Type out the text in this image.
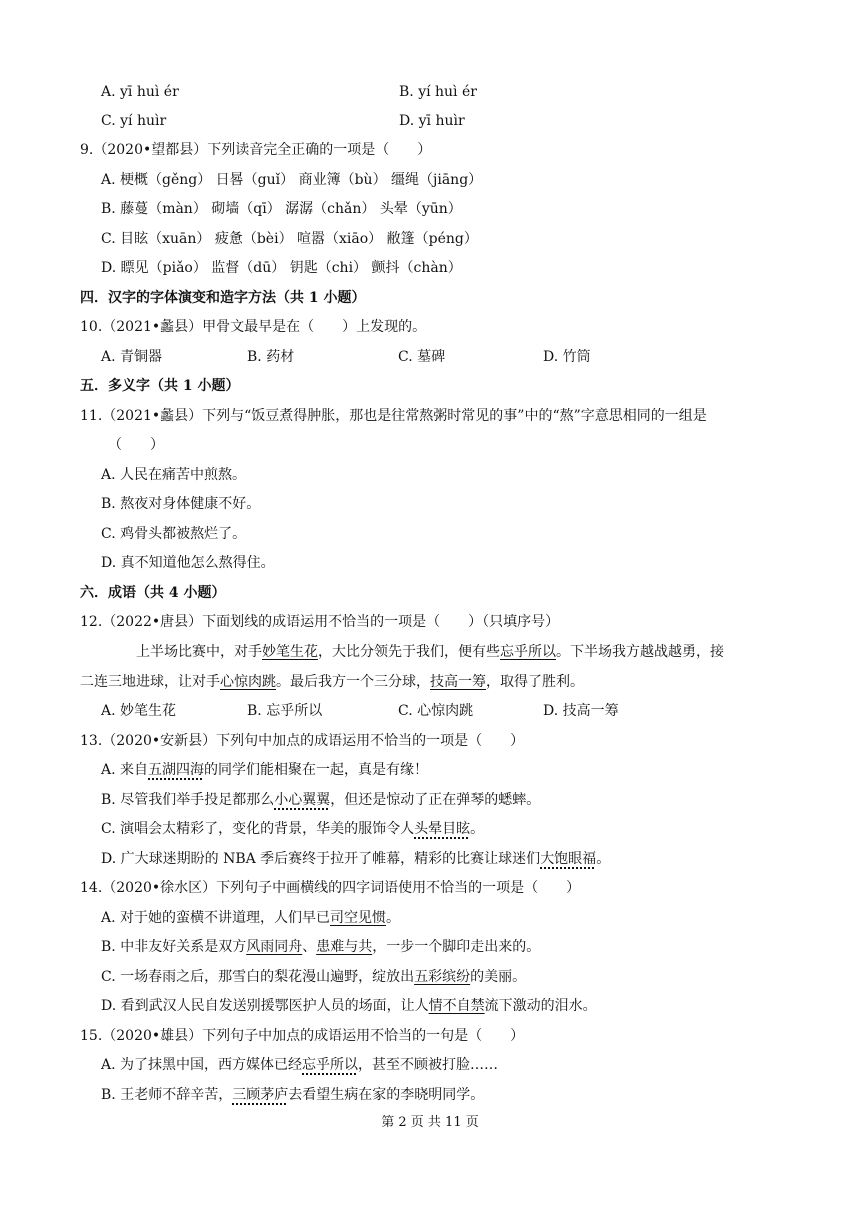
A. yī huì ér	B. yí huì ér
C. yí huìr	D. yī huìr
9.（2020•望都县）下列读音完全正确的一项是（　　）
A. 梗概（gěng） 日晷（guǐ） 商业簿（bù） 缰绳（jiāng）
B. 藤蔓（màn） 砌墙（qī） 潺潺（chǎn） 头晕（yūn）
C. 目眩（xuān） 疲惫（bèi） 喧嚣（xiāo） 敝篷（péng）
D. 瞟见（piǎo） 监督（dū） 钥匙（chi） 颤抖（chàn）
四．汉字的字体演变和造字方法（共 1 小题）
10.（2021•蠡县）甲骨文最早是在（　　）上发现的。
A. 青铜器	B. 药材	C. 墓碑	D. 竹筒
五．多义字（共 1 小题）
11.（2021•蠡县）下列与“饭豆煮得肿胀，那也是往常熬粥时常见的事”中的“熬”字意思相同的一组是
（　　）
A. 人民在痛苦中煎熬。
B. 熬夜对身体健康不好。
C. 鸡骨头都被熬烂了。
D. 真不知道他怎么熬得住。
六．成语（共 4 小题）
12.（2022•唐县）下面划线的成语运用不恰当的一项是（　　）（只填序号）
上半场比赛中，对手妙笔生花，大比分领先于我们，便有些忘乎所以。下半场我方越战越勇，接
二连三地进球，让对手心惊肉跳。最后我方一个三分球，技高一筹，取得了胜利。
A. 妙笔生花	B. 忘乎所以	C. 心惊肉跳	D. 技高一筹
13.（2020•安新县）下列句中加点的成语运用不恰当的一项是（　　）
A. 来自五湖四海的同学们能相聚在一起，真是有缘！
B. 尽管我们举手投足都那么小心翼翼，但还是惊动了正在弹琴的蟋蟀。
C. 演唱会太精彩了，变化的背景，华美的服饰令人头晕目眩。
D. 广大球迷期盼的 NBA 季后赛终于拉开了帷幕，精彩的比赛让球迷们大饱眼福。
14.（2020•徐水区）下列句子中画横线的四字词语使用不恰当的一项是（　　）
A. 对于她的蛮横不讲道理，人们早已司空见惯。
B. 中非友好关系是双方风雨同舟、患难与共，一步一个脚印走出来的。
C. 一场春雨之后，那雪白的梨花漫山遍野，绽放出五彩缤纷的美丽。
D. 看到武汉人民自发送别援鄂医护人员的场面，让人情不自禁流下激动的泪水。
15.（2020•雄县）下列句子中加点的成语运用不恰当的一句是（　　）
A. 为了抹黑中国，西方媒体已经忘乎所以，甚至不顾被打脸……
B. 王老师不辞辛苦，三顾茅庐去看望生病在家的李晓明同学。
第 2 页 共 11 页
